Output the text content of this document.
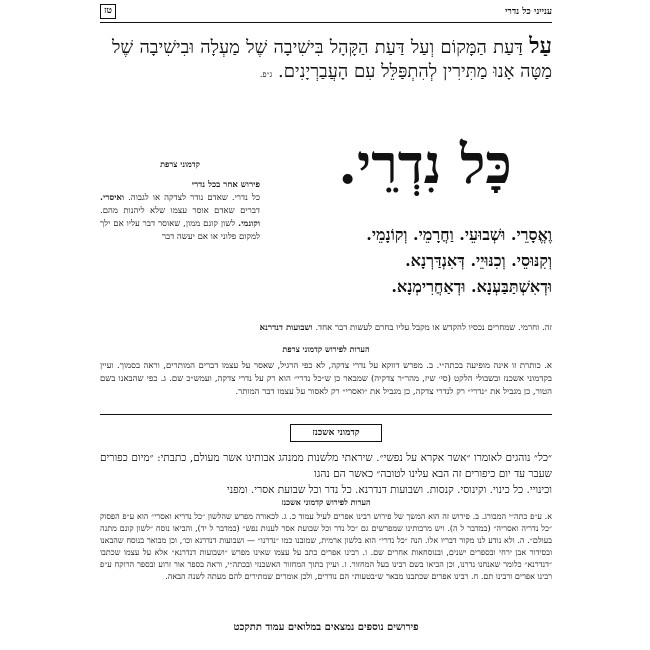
ענייני כל נדרי
טז
עַל דַּעַת הַמָּקוֹם וְעַל דַּעַת הַקָּהָל בִּישִׁיבָה שֶׁל מַעְלָה וּבִישִׁיבָה שֶׁל מַטָּה אָנוּ מַתִּירִין לְהִתְפַּלֵּל עִם הָעֲבַרְיָנִים. ג״פ.
כָּל נִדְרֵי.
קדמוני צרפת
פירוש אחר בכל נדרי
כל נדרי. שאדם נודר לצדקה או לגבוה. ואיסרי. דברים שאדם אוסר עצמו שלא ליהנות מהם. וקונמי. לשון קונם ממון, שאוסר דבר עליו אם ילך למקום פלוני או אם יעשה דבר	וֶאֱסָרֵי. וּשְׁבוּעֵי. וַחֲרָמֵי. וְקוֹנָמֵי.
וְקִנּוּסֵי. וְכִנּוּיֵי. דְּאִנְדַּרְנָא.
וּדְאִשְׁתַּבַּעְנָא. וּדְאַחֲרִימְנָא.
זה. וחרמי. שמחרים נכסיו להקדש או מקבל עליו בחרם לעשות דבר אחד. ושבועות דנדרנא
הערות לפירוש קדמוני צרפת
א. כותרת זו אינה מופיעה בכתה״י. ב. מפרש דווקא על נדרי צדקה, לא כפי הרגיל, שאסר על עצמו דברים המותרים, וראה בסמוך. ועיין בקדמוני אשכנז ובשבולי הלקט (סי׳ שיז, מהר״ר צדקיה) שמבאר כן ש״כל נדרי״ הוא רק על נדרי צדקה, ועמש״כ שם. ג. כפי שהבאנו בשם הטור, כן מגביל את ״נדרי״ רק לנדרי צדקה, כן מגביל את ״ואסרי״ רק לאסור על עצמו דבר המותר.
קדמוני אשכנז
״כל״ נוהגים לאומרו ״אשר אקרא על נפשי״. שיראתי מלשנות ממנהג אבותינו אשר מעולם, כתבתי: ״מיום כפורים שעבר עד יום כיפורים זה הבא עלינו לטובה״ כאשר הם נהגו
וכינויי. כל כינוי. וקינוסי. קנסות. ושבועות דנדרנא. כל נדר וכל שבועת אסרי. ומפני
הערות לפירוש קדמוני אשכנז
א. ע״פ כתה״י המבורג. ב. פירוש זה הוא המשך של פירוש רבינו אפרים לעיל עמוד כ. ג. לכאורה מפרש שהלשון ״כל נדריא ואסרי״ הוא ע״פ הפסוק ״כל נדריה ואסריה״ (במדבר ל ה). ויש מרבותינו שמפרשים גם ״כל נדר וכל שבועת אסר לענות נפש״ (במדבר ל יד), והביאו נוסח ״לשון קונם מתנה בעולם״. ה. ולא נודע לנו מקור דבריו אלו. הנה ״כל נדרי״ הוא בלשון ארמית, שמובנו כמו ״נדרנו״ — ושבועות דנדרנא וכו׳, וכן מבואר בנוסח שהבאנו ובסידור אבן ירחי ובספרים ישנים, ובנוסחאות אחרים שם. ו. רבינו אפרים כתב על עצמו שאינו מפרש ״ושבועות דנדרנא״ אלא על עצמו שכתבו ״דנדרנא״ כלומר שאנחנו נדרנו, וכן הביאו בשם רבינו בעל המחזור. ז. ועיין בתוך המחזור האשכנזי ובכתה״י, וראה בספר אור זרוע ובספר הרוקח ע״פ רבינו אפרים ורבינו תם. ח. רבינו אפרים שכתבנו מבאר ש״בטעות״ הם נודרים, ולכן אומרים שמתירים להם מעתה לשנה הבאה.
פירושים נוספים נמצאים במלואים עמוד תתקכט
